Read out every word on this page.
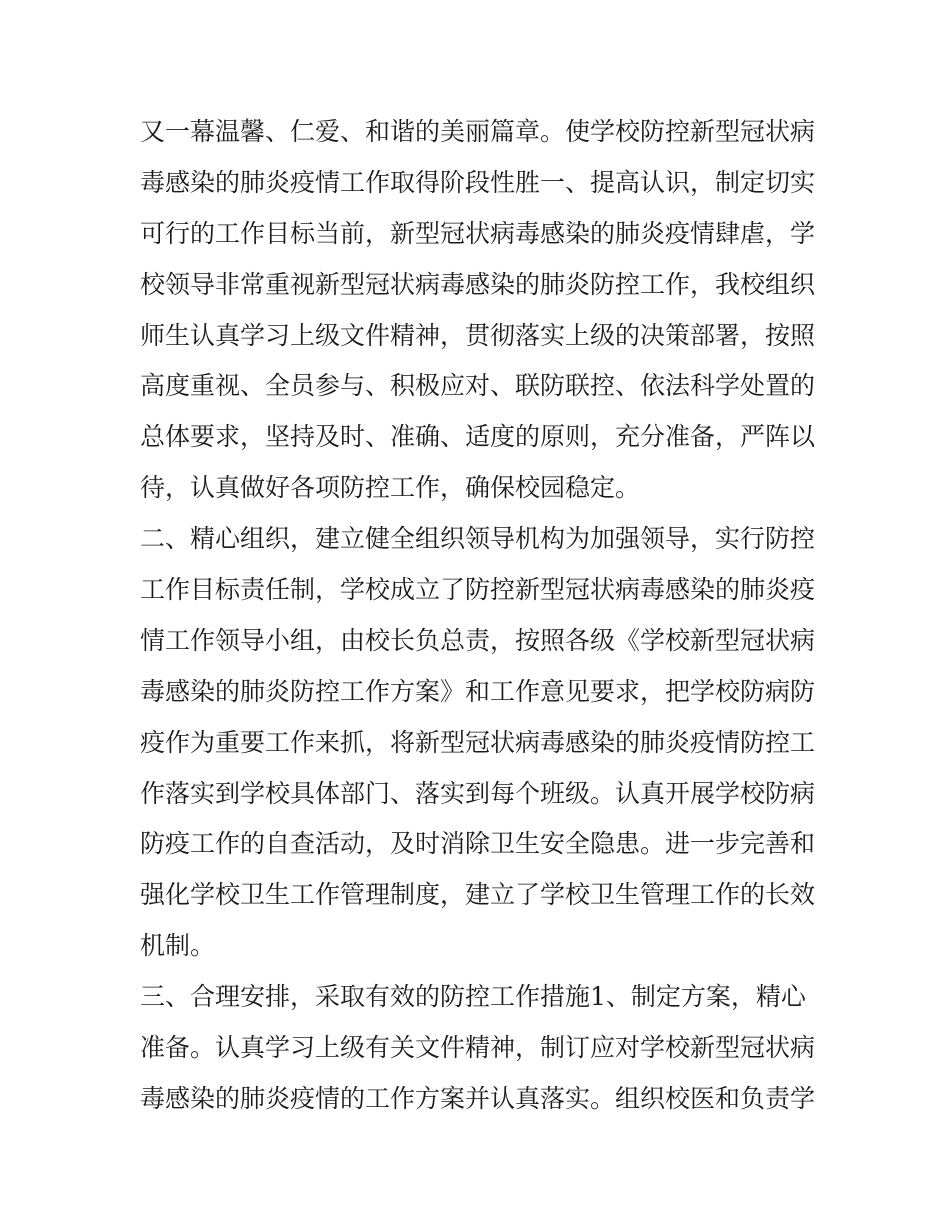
又一幕温馨、仁爱、和谐的美丽篇章。使学校防控新型冠状病
毒感染的肺炎疫情工作取得阶段性胜一、提高认识，制定切实
可行的工作目标当前，新型冠状病毒感染的肺炎疫情肆虐，学
校领导非常重视新型冠状病毒感染的肺炎防控工作，我校组织
师生认真学习上级文件精神，贯彻落实上级的决策部署，按照
高度重视、全员参与、积极应对、联防联控、依法科学处置的
总体要求，坚持及时、准确、适度的原则，充分准备，严阵以
待，认真做好各项防控工作，确保校园稳定。
二、精心组织，建立健全组织领导机构为加强领导，实行防控
工作目标责任制，学校成立了防控新型冠状病毒感染的肺炎疫
情工作领导小组，由校长负总责，按照各级《学校新型冠状病
毒感染的肺炎防控工作方案》和工作意见要求，把学校防病防
疫作为重要工作来抓，将新型冠状病毒感染的肺炎疫情防控工
作落实到学校具体部门、落实到每个班级。认真开展学校防病
防疫工作的自查活动，及时消除卫生安全隐患。进一步完善和
强化学校卫生工作管理制度，建立了学校卫生管理工作的长效
机制。
三、合理安排，采取有效的防控工作措施1、制定方案，精心
准备。认真学习上级有关文件精神，制订应对学校新型冠状病
毒感染的肺炎疫情的工作方案并认真落实。组织校医和负责学
